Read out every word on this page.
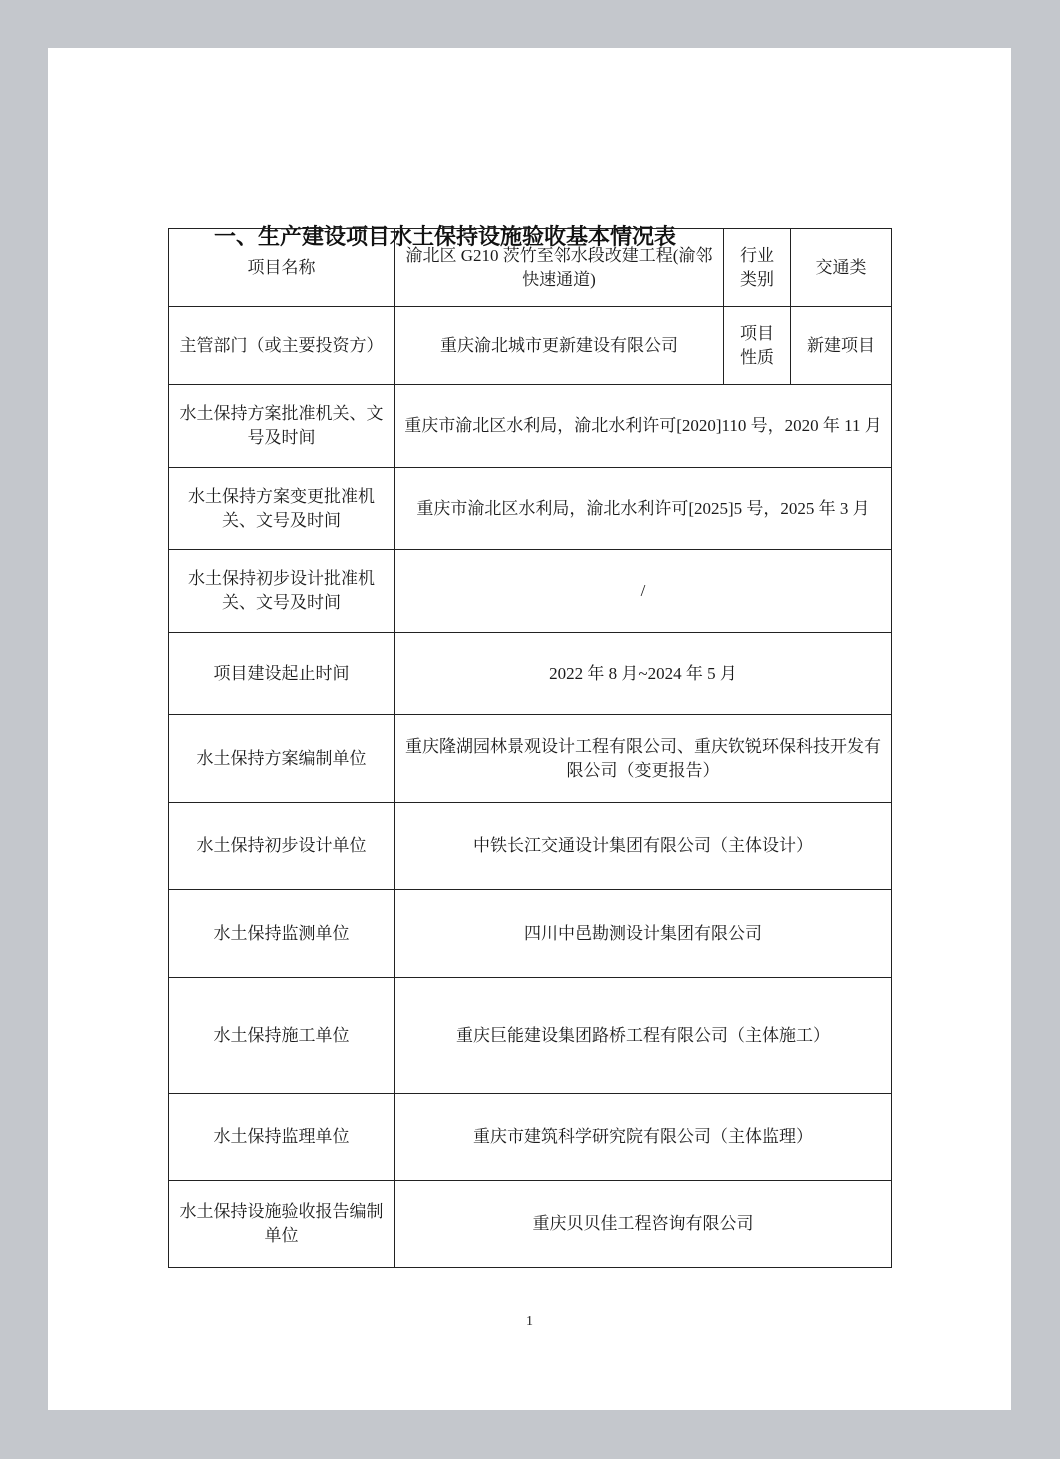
一、生产建设项目水土保持设施验收基本情况表
项目名称	渝北区 G210 茨竹至邻水段改建工程(渝邻快速通道)	行业类别	交通类
主管部门（或主要投资方）	重庆渝北城市更新建设有限公司	项目性质	新建项目
水土保持方案批准机关、文号及时间	重庆市渝北区水利局，渝北水利许可[2020]110 号，2020 年 11 月		
水土保持方案变更批准机关、文号及时间	重庆市渝北区水利局，渝北水利许可[2025]5 号，2025 年 3 月		
水土保持初步设计批准机关、文号及时间	/		
项目建设起止时间	2022 年 8 月~2024 年 5 月		
水土保持方案编制单位	重庆隆湖园林景观设计工程有限公司、重庆钦锐环保科技开发有限公司（变更报告）		
水土保持初步设计单位	中铁长江交通设计集团有限公司（主体设计）		
水土保持监测单位	四川中邑勘测设计集团有限公司		
水土保持施工单位	重庆巨能建设集团路桥工程有限公司（主体施工）		
水土保持监理单位	重庆市建筑科学研究院有限公司（主体监理）		
水土保持设施验收报告编制单位	重庆贝贝佳工程咨询有限公司		
1
